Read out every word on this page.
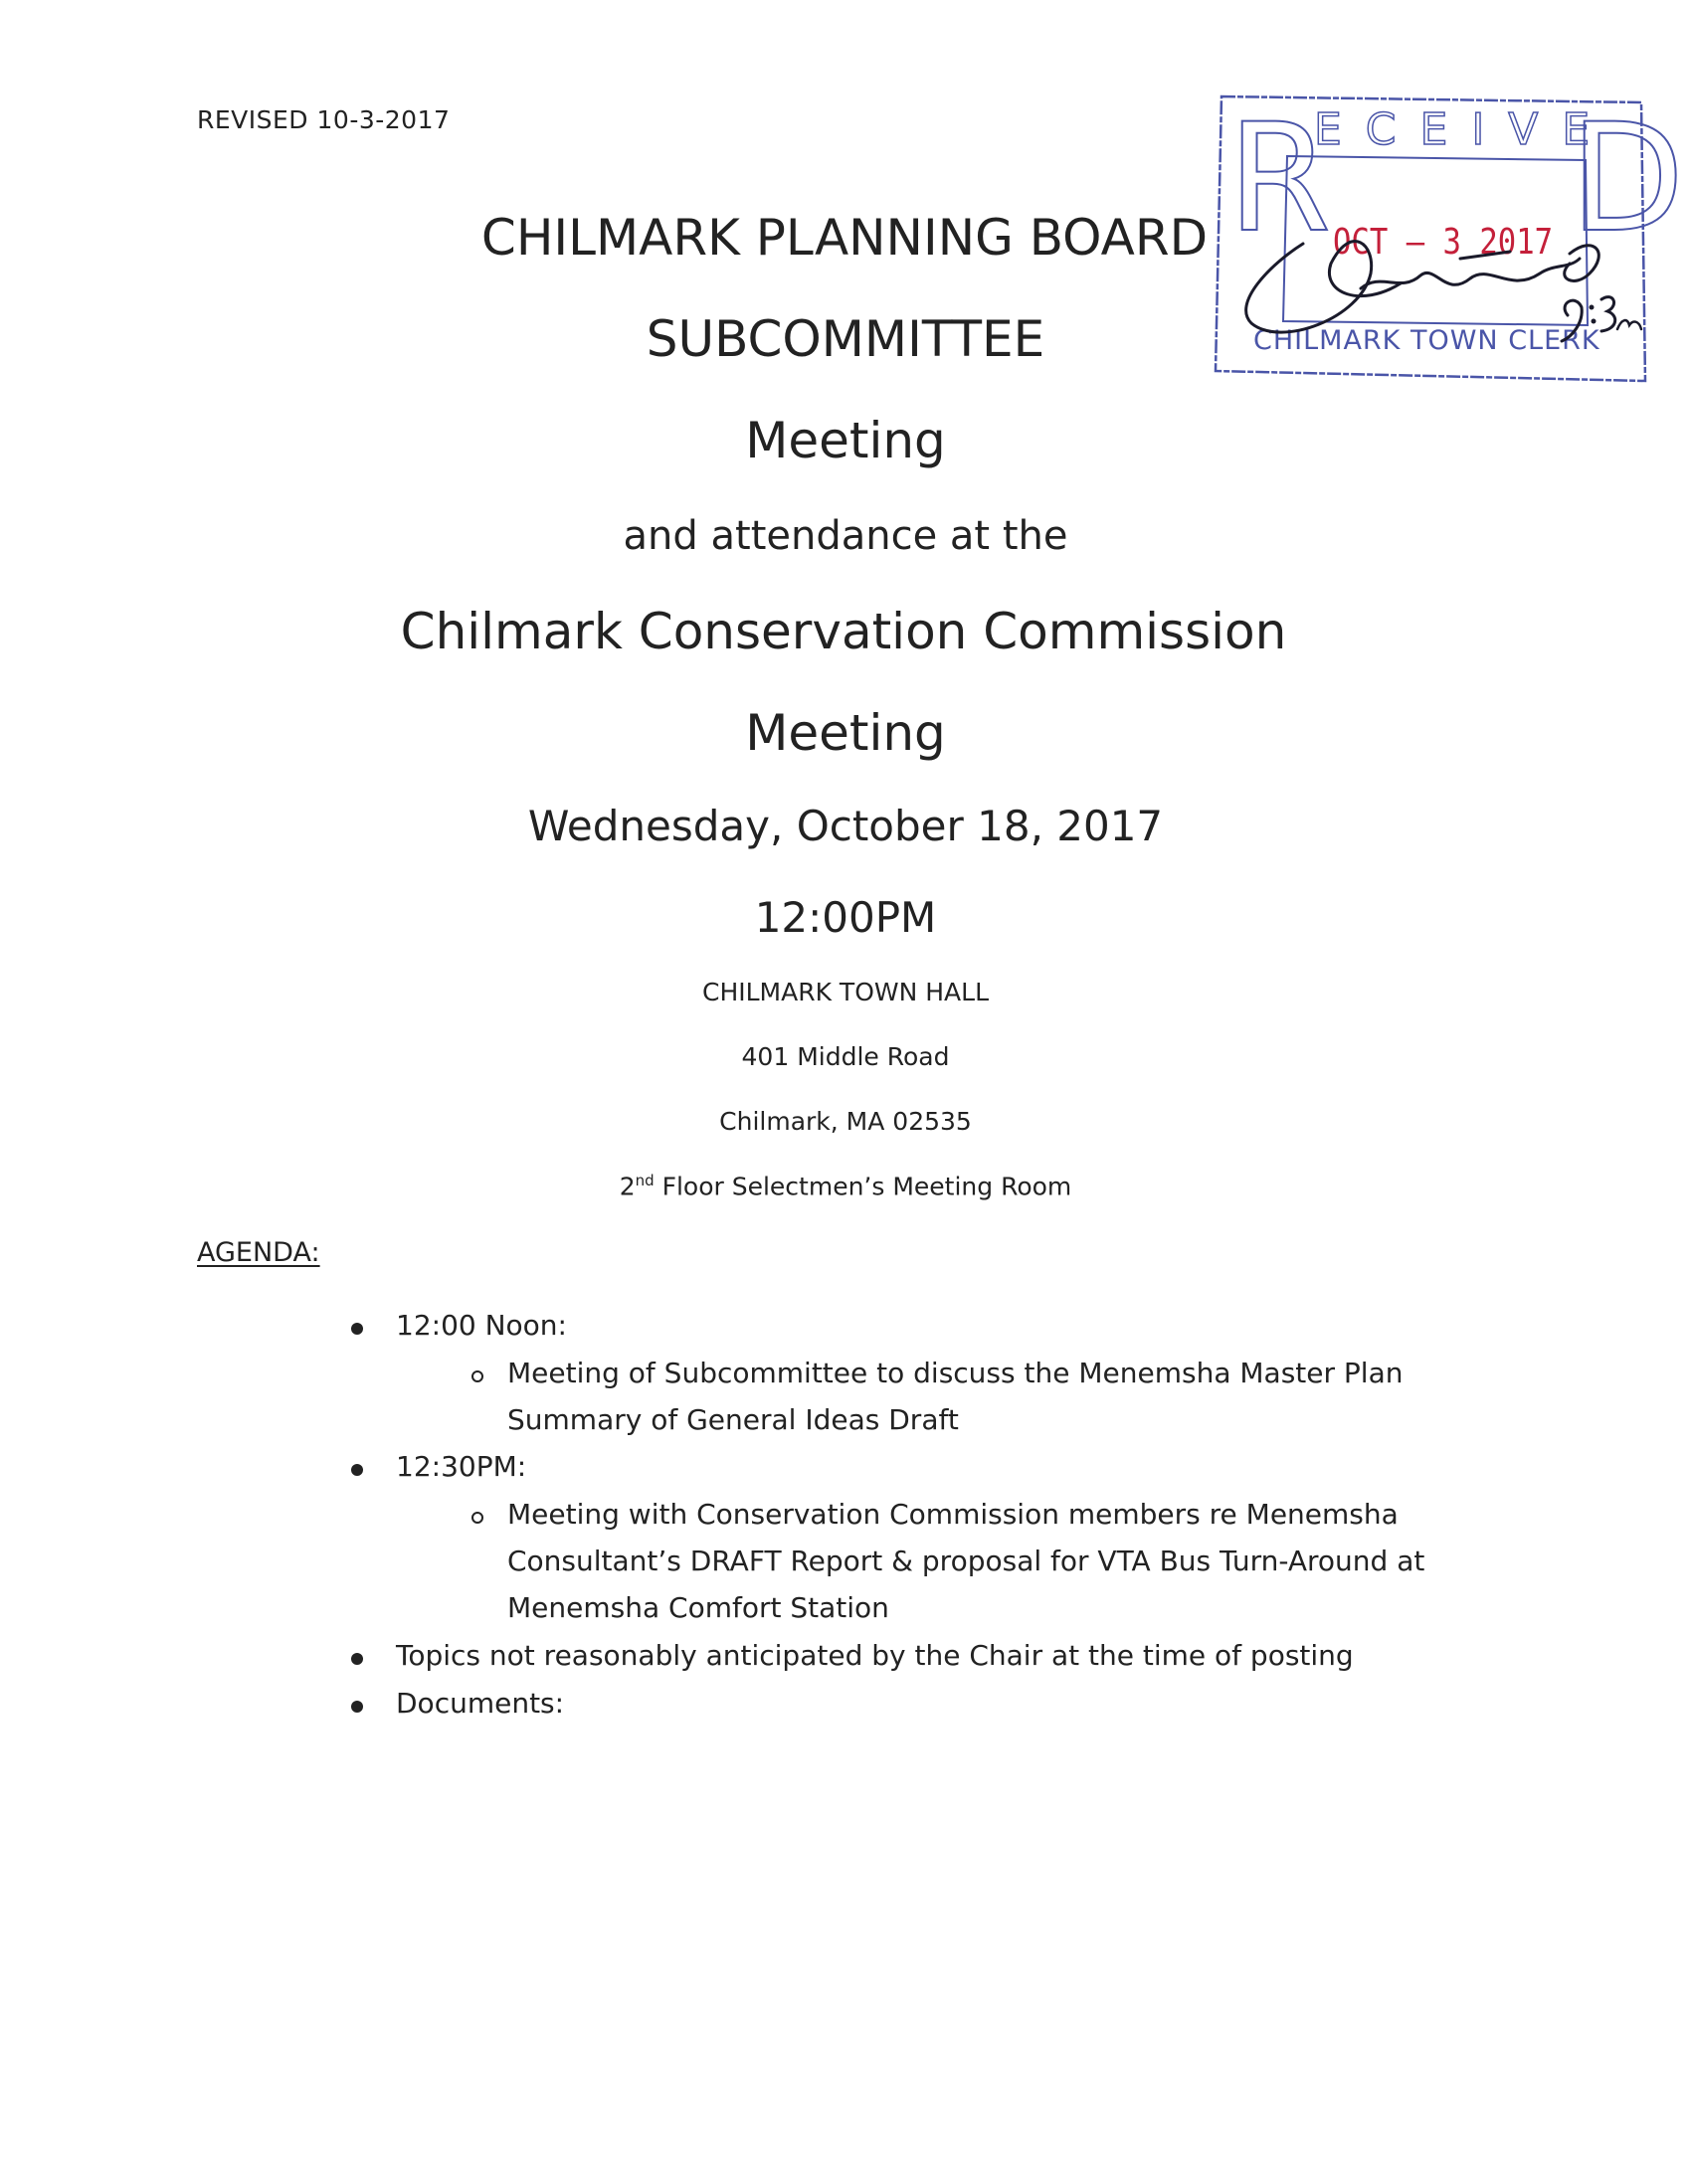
REVISED 10-3-2017
CHILMARK PLANNING BOARD
SUBCOMMITTEE
Meeting
and attendance at the
Chilmark Conservation Commission
Meeting
Wednesday, October 18, 2017
12:00PM
CHILMARK TOWN HALL
401 Middle Road
Chilmark, MA 02535
2nd Floor Selectmen’s Meeting Room
AGENDA:
12:00 Noon:
Meeting of Subcommittee to discuss the Menemsha Master Plan
Summary of General Ideas Draft
12:30PM:
Meeting with Conservation Commission members re Menemsha
Consultant’s DRAFT Report & proposal for VTA Bus Turn-Around at
Menemsha Comfort Station
Topics not reasonably anticipated by the Chair at the time of posting
Documents:
R
ECEIVE
D
OCT – 3 2017
CHILMARK TOWN CLERK
